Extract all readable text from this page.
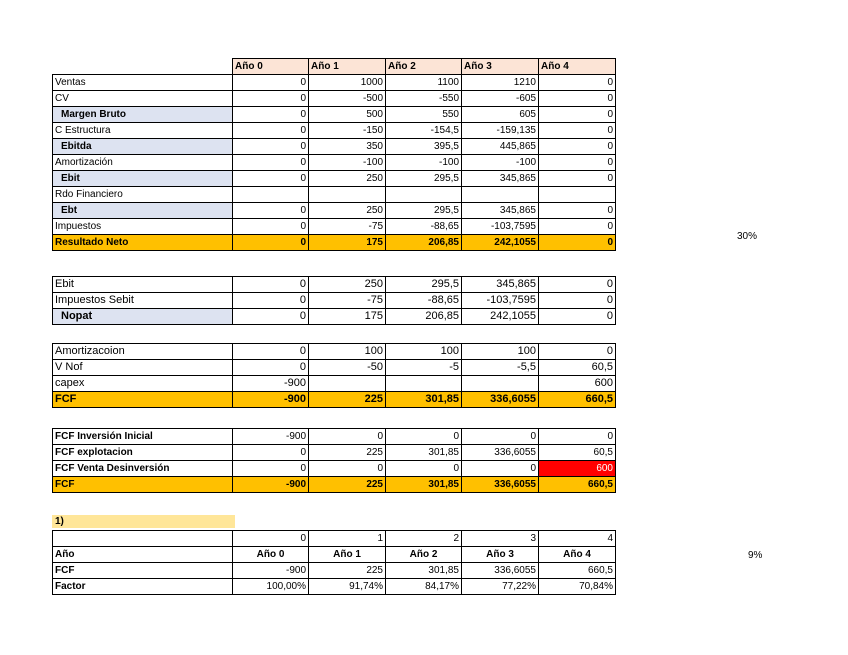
	Año 0	Año 1	Año 2	Año 3	Año 4
Ventas	0	1000	1100	1210	0
CV	0	-500	-550	-605	0
Margen Bruto	0	500	550	605	0
C Estructura	0	-150	-154,5	-159,135	0
Ebitda	0	350	395,5	445,865	0
Amortización	0	-100	-100	-100	0
Ebit	0	250	295,5	345,865	0
Rdo Financiero					
Ebt	0	250	295,5	345,865	0
Impuestos	0	-75	-88,65	-103,7595	0
Resultado Neto	0	175	206,85	242,1055	0
30%
Ebit	0	250	295,5	345,865	0
Impuestos Sebit	0	-75	-88,65	-103,7595	0
Nopat	0	175	206,85	242,1055	0
Amortizacoion	0	100	100	100	0
V Nof	0	-50	-5	-5,5	60,5
capex	-900				600
FCF	-900	225	301,85	336,6055	660,5
FCF Inversión Inicial	-900	0	0	0	0
FCF explotacion	0	225	301,85	336,6055	60,5
FCF Venta Desinversión	0	0	0	0	600
FCF	-900	225	301,85	336,6055	660,5
1)
	0	1	2	3	4
Año	Año 0	Año 1	Año 2	Año 3	Año 4
FCF	-900	225	301,85	336,6055	660,5
Factor	100,00%	91,74%	84,17%	77,22%	70,84%
9%
